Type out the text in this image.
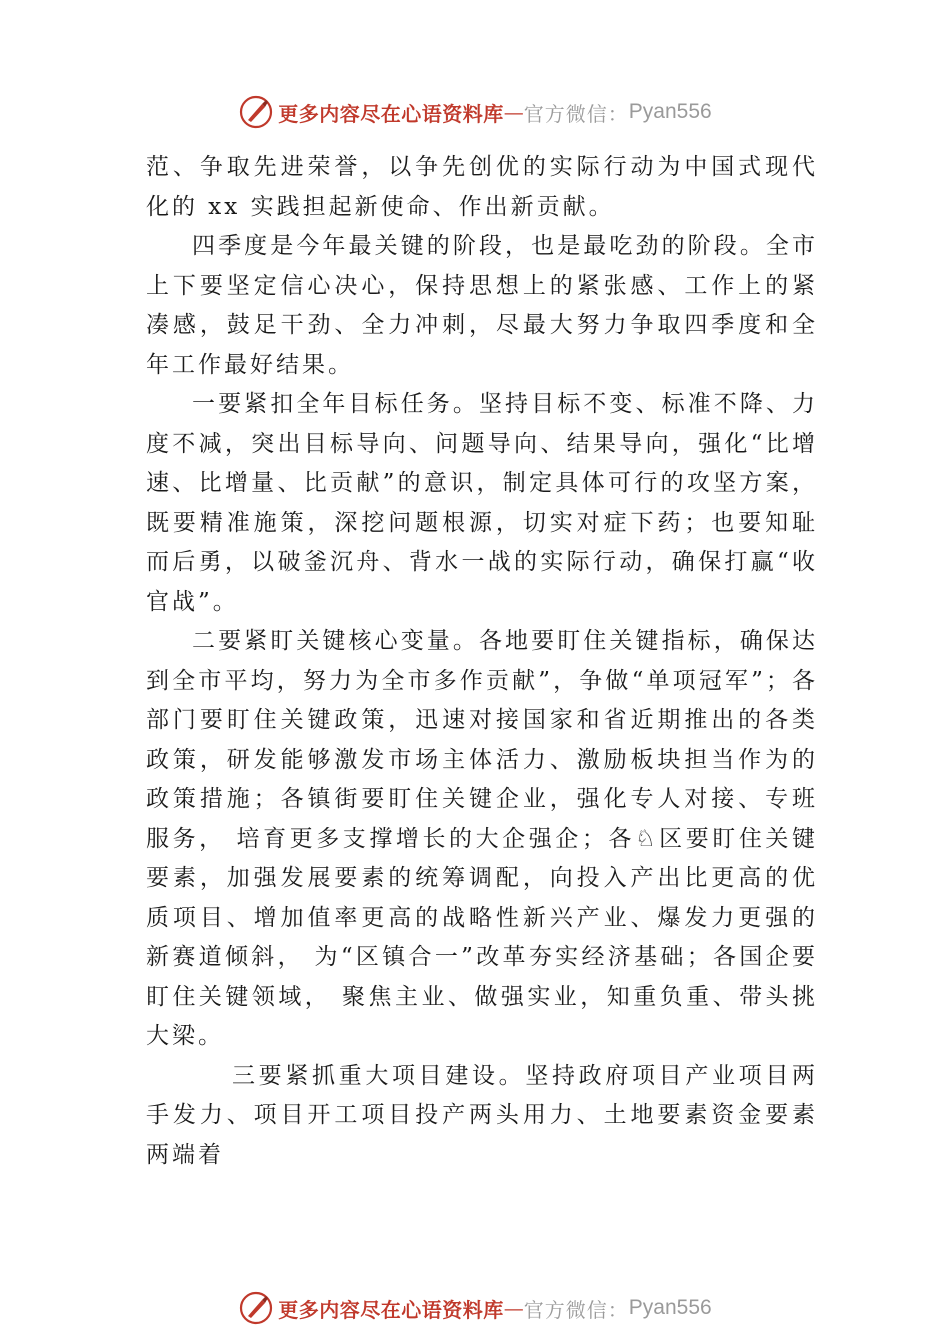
更多内容尽在心语资料库 — 官方微信： Pyan556

范、争取先进荣誉，以争先创优的实际行动为中国式现代化的 xx 实践担起新使命、作出新贡献。

四季度是今年最关键的阶段，也是最吃劲的阶段。全市上下要坚定信心决心，保持思想上的紧张感、工作上的紧凑感，鼓足干劲、全力冲刺，尽最大努力争取四季度和全年工作最好结果。

一要紧扣全年目标任务。坚持目标不变、标准不降、力度不减，突出目标导向、问题导向、结果导向，强化“比增速、比增量、比贡献”的意识，制定具体可行的攻坚方案， 既要精准施策，深挖问题根源，切实对症下药；也要知耻而后勇，以破釜沉舟、背水一战的实际行动，确保打赢“收官战”。

二要紧盯关键核心变量。各地要盯住关键指标，确保达到全市平均，努力为全市多作贡献”，争做“单项冠军”；各部门要盯住关键政策，迅速对接国家和省近期推出的各类政策，研发能够激发市场主体活力、激励板块担当作为的政策措施；各镇街要盯住关键企业，强化专人对接、专班服务， 培育更多支撑增长的大企强企；各♘区要盯住关键要素，加强发展要素的统筹调配，向投入产出比更高的优质项目、增加值率更高的战略性新兴产业、爆发力更强的新赛道倾斜， 为“区镇合一”改革夯实经济基础；各国企要盯住关键领域， 聚焦主业、做强实业，知重负重、带头挑大梁。

三要紧抓重大项目建设。坚持政府项目产业项目两手发力、项目开工项目投产两头用力、土地要素资金要素两端着

更多内容尽在心语资料库 — 官方微信： Pyan556
